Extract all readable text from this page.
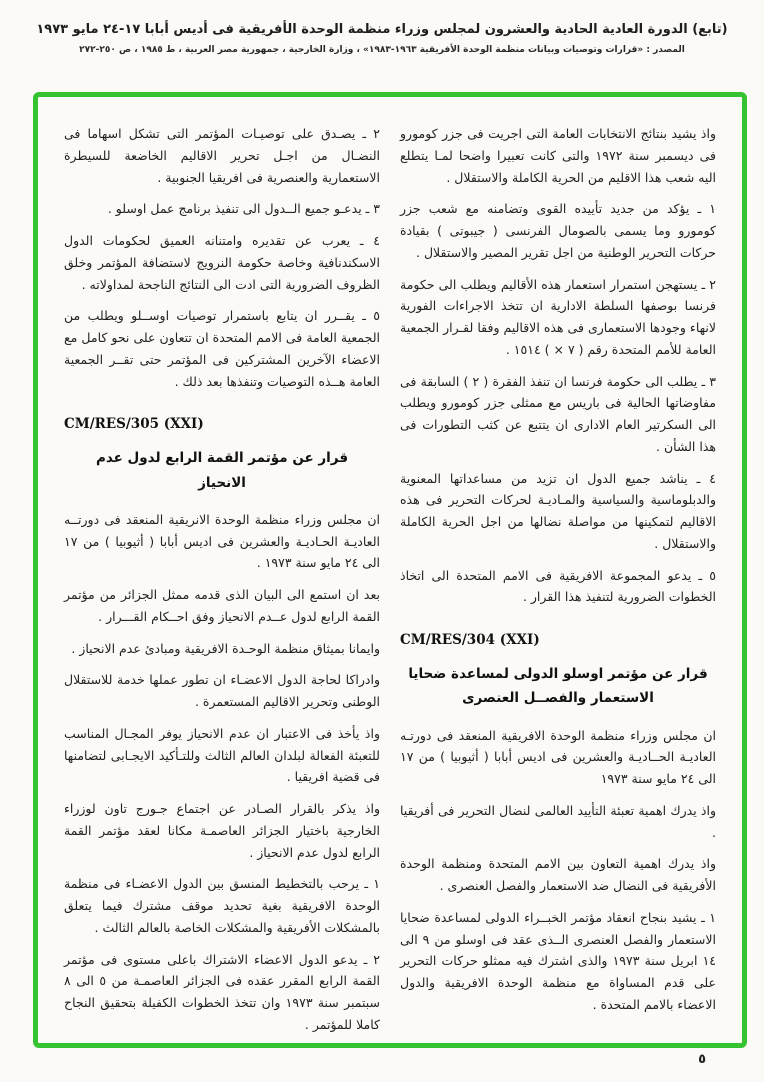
(تابع) الدورة العادية الحادية والعشرون لمجلس وزراء منظمة الوحدة الأفريقية فى أديس أبابا ١٧-٢٤ مايو ١٩٧٣
المصدر : «قرارات وتوصيات وبيانات منظمة الوحدة الأفريقية ١٩٦٣-١٩٨٣» ، وزارة الخارجية ، جمهورية مصر العربية ، ط ١٩٨٥ ، ص ٢٥٠-٢٧٢

واذ يشيد بنتائج الانتخابات العامة التى اجريت فى جزر كومورو فى ديسمبر سنة ١٩٧٢ والتى كانت تعبيرا واضحا لمـا يتطلع اليه شعب هذا الاقليم من الحرية الكاملة والاستقلال .

١ ـ يؤكد من جديد تأييده القوى وتضامنه مع شعب جزر كومورو وما يسمى بالصومال الفرنسى ( جيبوتى ) بقيادة حركات التحرير الوطنية من اجل تقرير المصير والاستقلال .

٢ ـ يستهجن استمرار استعمار هذه الأقاليم ويطلب الى حكومة فرنسا بوصفها السلطة الادارية ان تتخذ الاجراءات الفورية لانهاء وجودها الاستعمارى فى هذه الاقاليم وفقا لقـرار الجمعية العامة للأمم المتحدة رقم ( ٧ × ) ١٥١٤ .

٣ ـ يطلب الى حكومة فرنسا ان تنفذ الفقرة ( ٢ ) السابقة فى مفاوضاتها الحالية فى باريس مع ممثلى جزر كومورو ويطلب الى السكرتير العام الادارى ان يتتبع عن كثب التطورات فى هذا الشأن .

٤ ـ يناشد جميع الدول ان تزيد من مساعداتها المعنوية والدبلوماسية والسياسية والمـاديـة لحركات التحرير فى هذه الاقاليم لتمكينها من مواصلة نضالها من اجل الحرية الكاملة والاستقلال .

٥ ـ يدعو المجموعة الافريقية فى الامم المتحدة الى اتخاذ الخطوات الضرورية لتنفيذ هذا القرار .

CM/RES/304 (XXI)
قرار عن مؤتمر اوسلو الدولى لمساعدة ضحايا الاستعمار والفصــل العنصرى

ان مجلس وزراء منظمة الوحدة الافريقية المنعقد فى دورتـه العاديـة الحــاديـة والعشرين فى اديس أبابا ( أثيوبيا ) من ١٧ الى ٢٤ مايو سنة ١٩٧٣

واذ يدرك اهمية تعبئة التأييد العالمى لنضال التحرير فى أفريقيا .

واذ يدرك اهمية التعاون بين الامم المتحدة ومنظمة الوحدة الأفريقية فى النضال ضد الاستعمار والفصل العنصرى .

١ ـ يشيد بنجاح انعقاد مؤتمر الخبــراء الدولى لمساعدة ضحايا الاستعمار والفصل العنصرى الــذى عقد فى اوسلو من ٩ الى ١٤ ابريل سنة ١٩٧٣ والذى اشترك فيه ممثلو حركات التحرير على قدم المساواة مع منظمة الوحدة الافريقية والدول الاعضاء بالامم المتحدة .

٢ ـ يصـدق على توصيـات المؤتمر التى تشكل اسهاما فى النضـال من اجـل تحرير الاقاليم الخاضعة للسيطرة الاستعمارية والعنصرية فى افريقيا الجنوبية .

٣ ـ يدعـو جميع الــدول الى تنفيذ برنامج عمل اوسلو .

٤ ـ يعرب عن تقديره وامتنانه العميق لحكومات الدول الاسكندنافية وخاصة حكومة النرويج لاستضافة المؤتمر وخلق الظروف الضرورية التى ادت الى النتائج الناجحة لمداولاته .

٥ ـ يقــرر ان يتابع باستمرار توصيات اوســلو ويطلب من الجمعية العامة فى الامم المتحدة ان تتعاون على نحو كامل مع الاعضاء الآخرين المشتركين فى المؤتمر حتى تقــر الجمعية العامة هــذه التوصيات وتنفذها بعد ذلك .

CM/RES/305 (XXI)
قرار عن مؤتمر القمة الرابع لدول عدم الانحياز

ان مجلس وزراء منظمة الوحدة الانريقية المنعقد فى دورتــه العاديـة الحـاديـة والعشرين فى اديس أبابا ( أثيوبيا ) من ١٧ الى ٢٤ مايو سنة ١٩٧٣ .

بعد ان استمع الى البيان الذى قدمه ممثل الجزائر من مؤتمر القمة الرابع لدول عــدم الانحياز وفق احــكام القـــرار .

وايمانا بميثاق منظمة الوحـدة الافريقية ومبادئ عدم الانحياز .

وادراكا لحاجة الدول الاعضـاء ان تطور عملها خدمة للاستقلال الوطنى وتحرير الاقاليم المستعمرة .

واذ يأخذ فى الاعتبار ان عدم الانحياز يوفر المجـال المناسب للتعبئة الفعالة لبلدان العالم الثالث وللتـأكيد الايجـابى لتضامنها فى قضية افريقيا .

واذ يذكر بالقرار الصـادر عن اجتماع جـورج تاون لوزراء الخارجية باختيار الجزائر العاصمـة مكانا لعقد مؤتمر القمة الرابع لدول عدم الانحياز .

١ ـ يرحب بالتخطيط المنسق بين الدول الاعضـاء فى منظمة الوحدة الافريقية بغية تحديد موقف مشترك فيما يتعلق بالمشكلات الأفريقية والمشكلات الخاصة بالعالم الثالث .

٢ ـ يدعو الدول الاعضاء الاشتراك باعلى مستوى فى مؤتمر القمة الرابع المقرر عقده فى الجزائر العاصمـة من ٥ الى ٨ سبتمبر سنة ١٩٧٣ وان تتخذ الخطوات الكفيلة بتحقيق النجاح كاملا للمؤتمر .

٥
